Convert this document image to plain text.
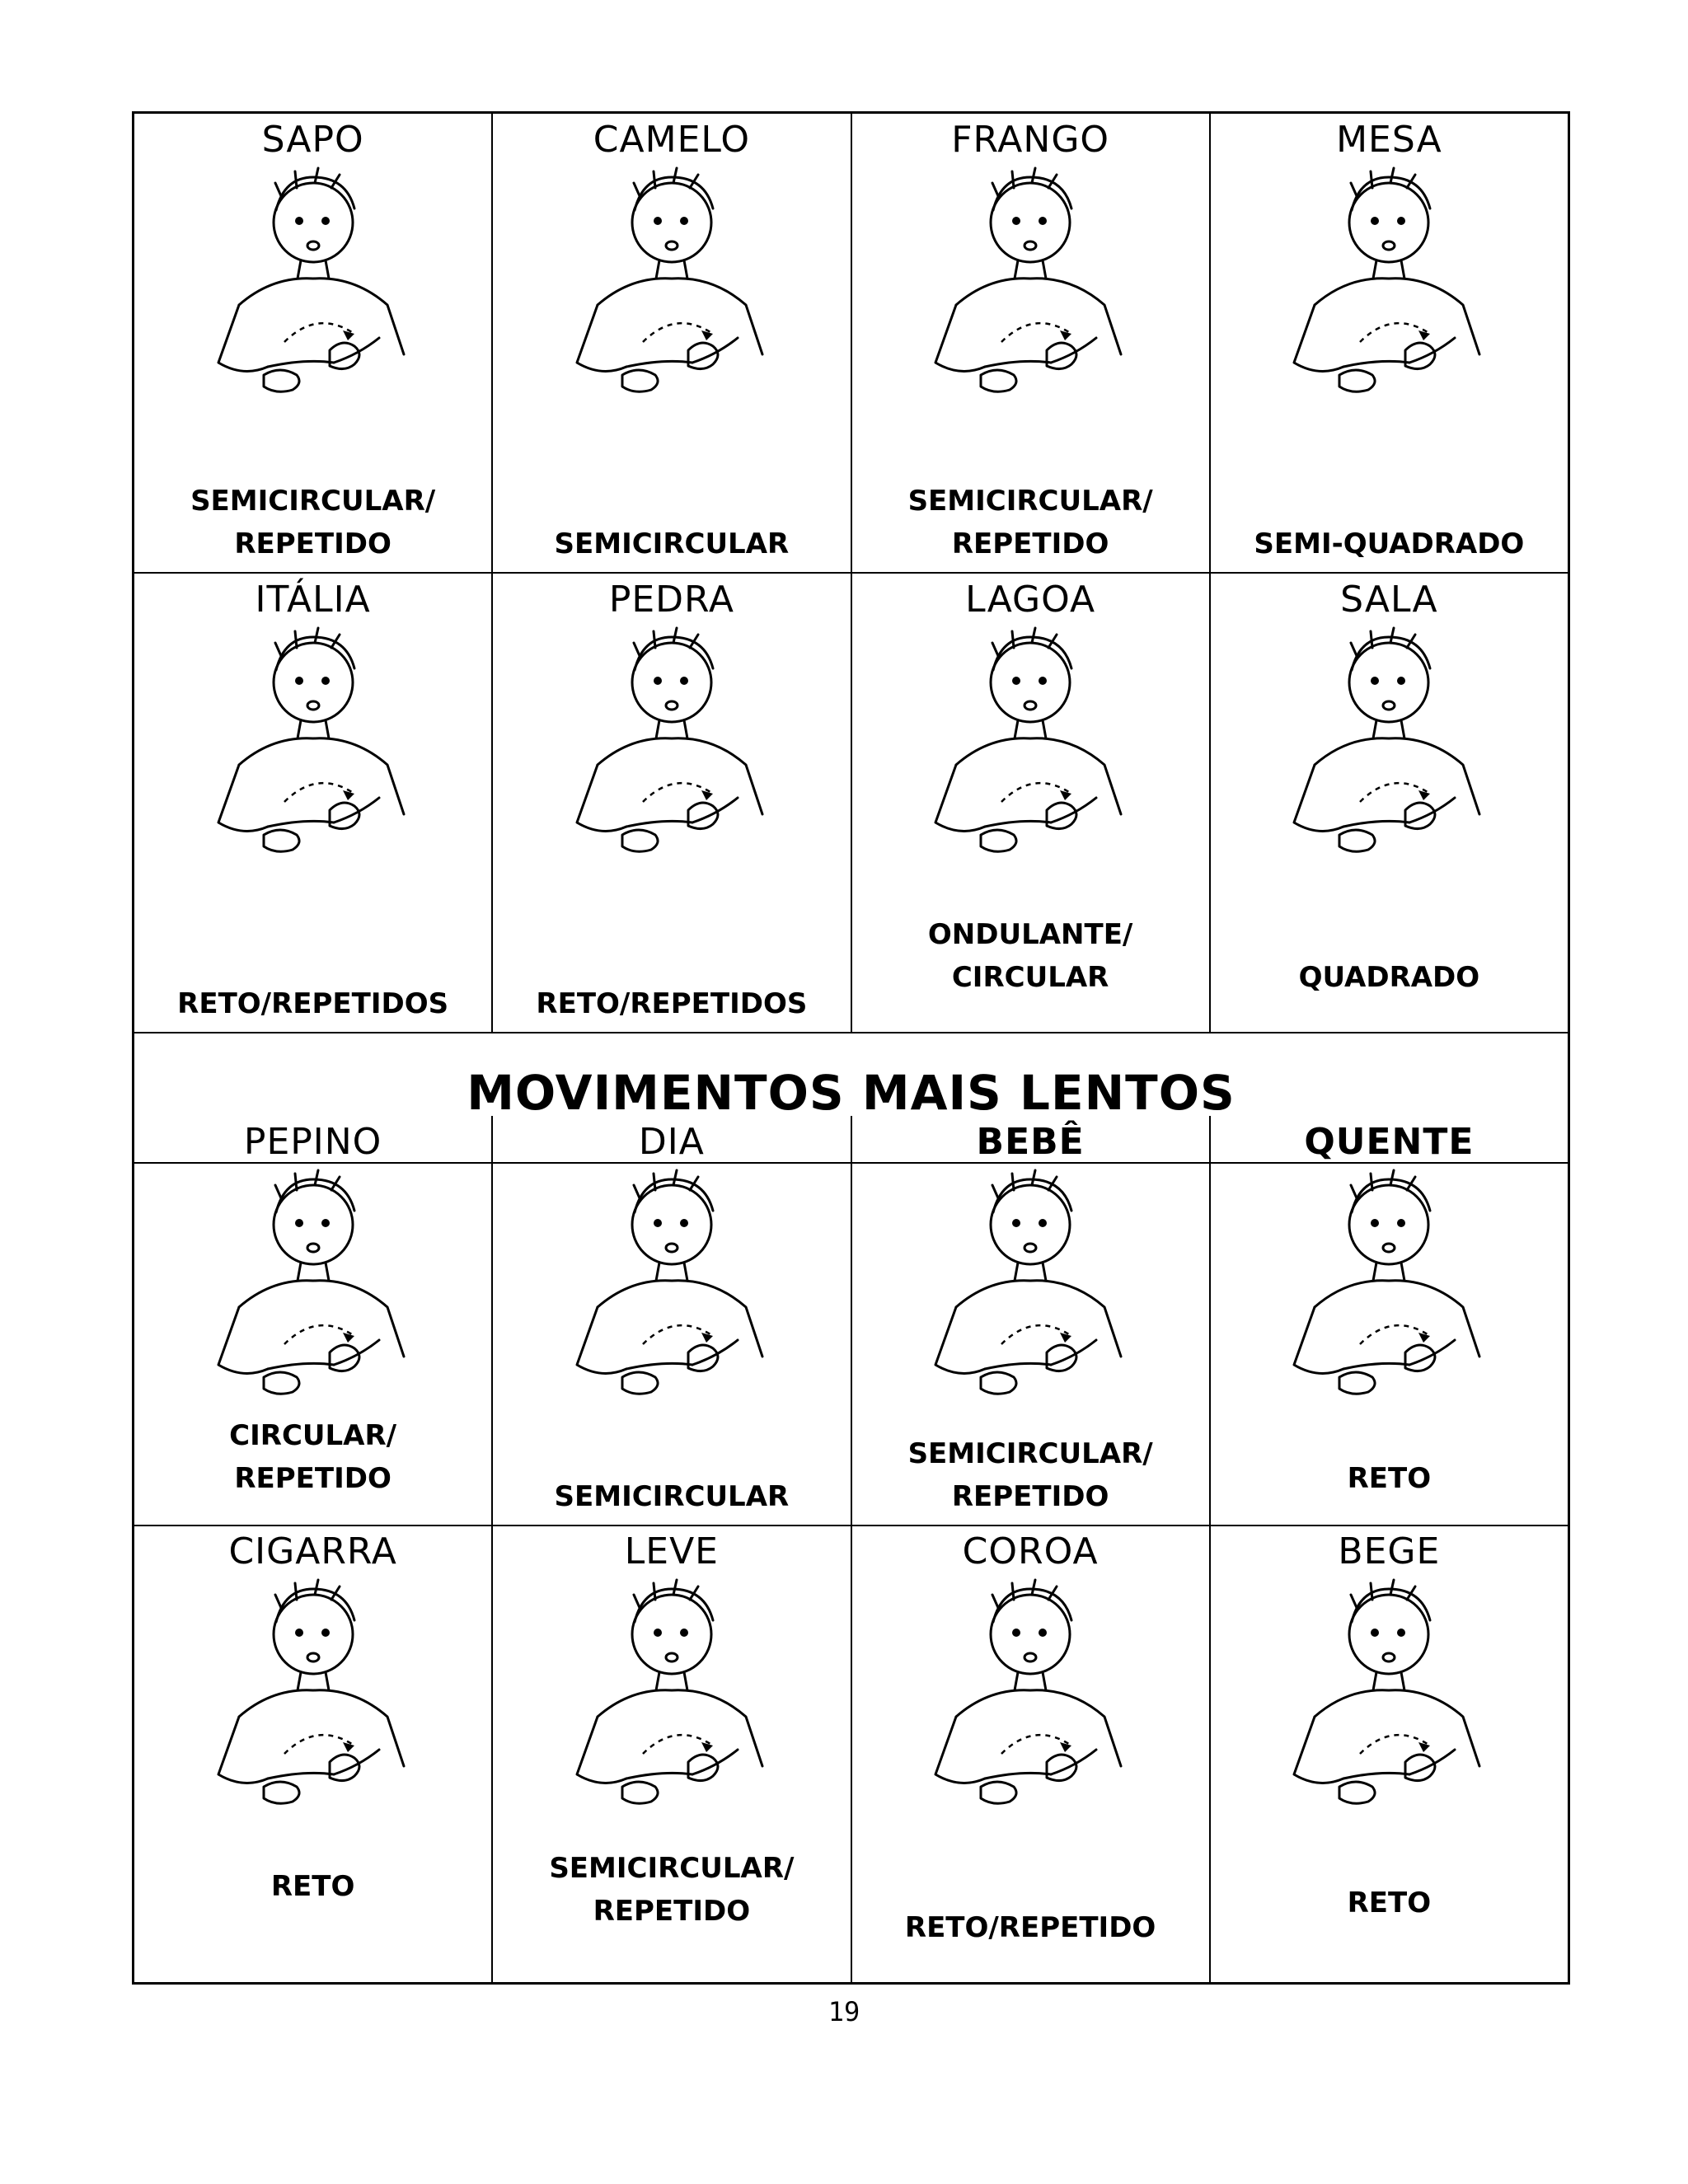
SAPO
SEMICIRCULAR/
REPETIDO
CAMELO
SEMICIRCULAR
FRANGO
SEMICIRCULAR/
REPETIDO
MESA
SEMI-QUADRADO
ITÁLIA
RETO/REPETIDOS
PEDRA
RETO/REPETIDOS
LAGOA
ONDULANTE/
CIRCULAR
SALA
QUADRADO
PEPINO
CIRCULAR/
REPETIDO
DIA
SEMICIRCULAR
BEBÊ
SEMICIRCULAR/
REPETIDO
QUENTE
RETO
CIGARRA
RETO
LEVE
SEMICIRCULAR/
REPETIDO
COROA
RETO/REPETIDO
BEGE
RETO
MOVIMENTOS MAIS LENTOS
19
